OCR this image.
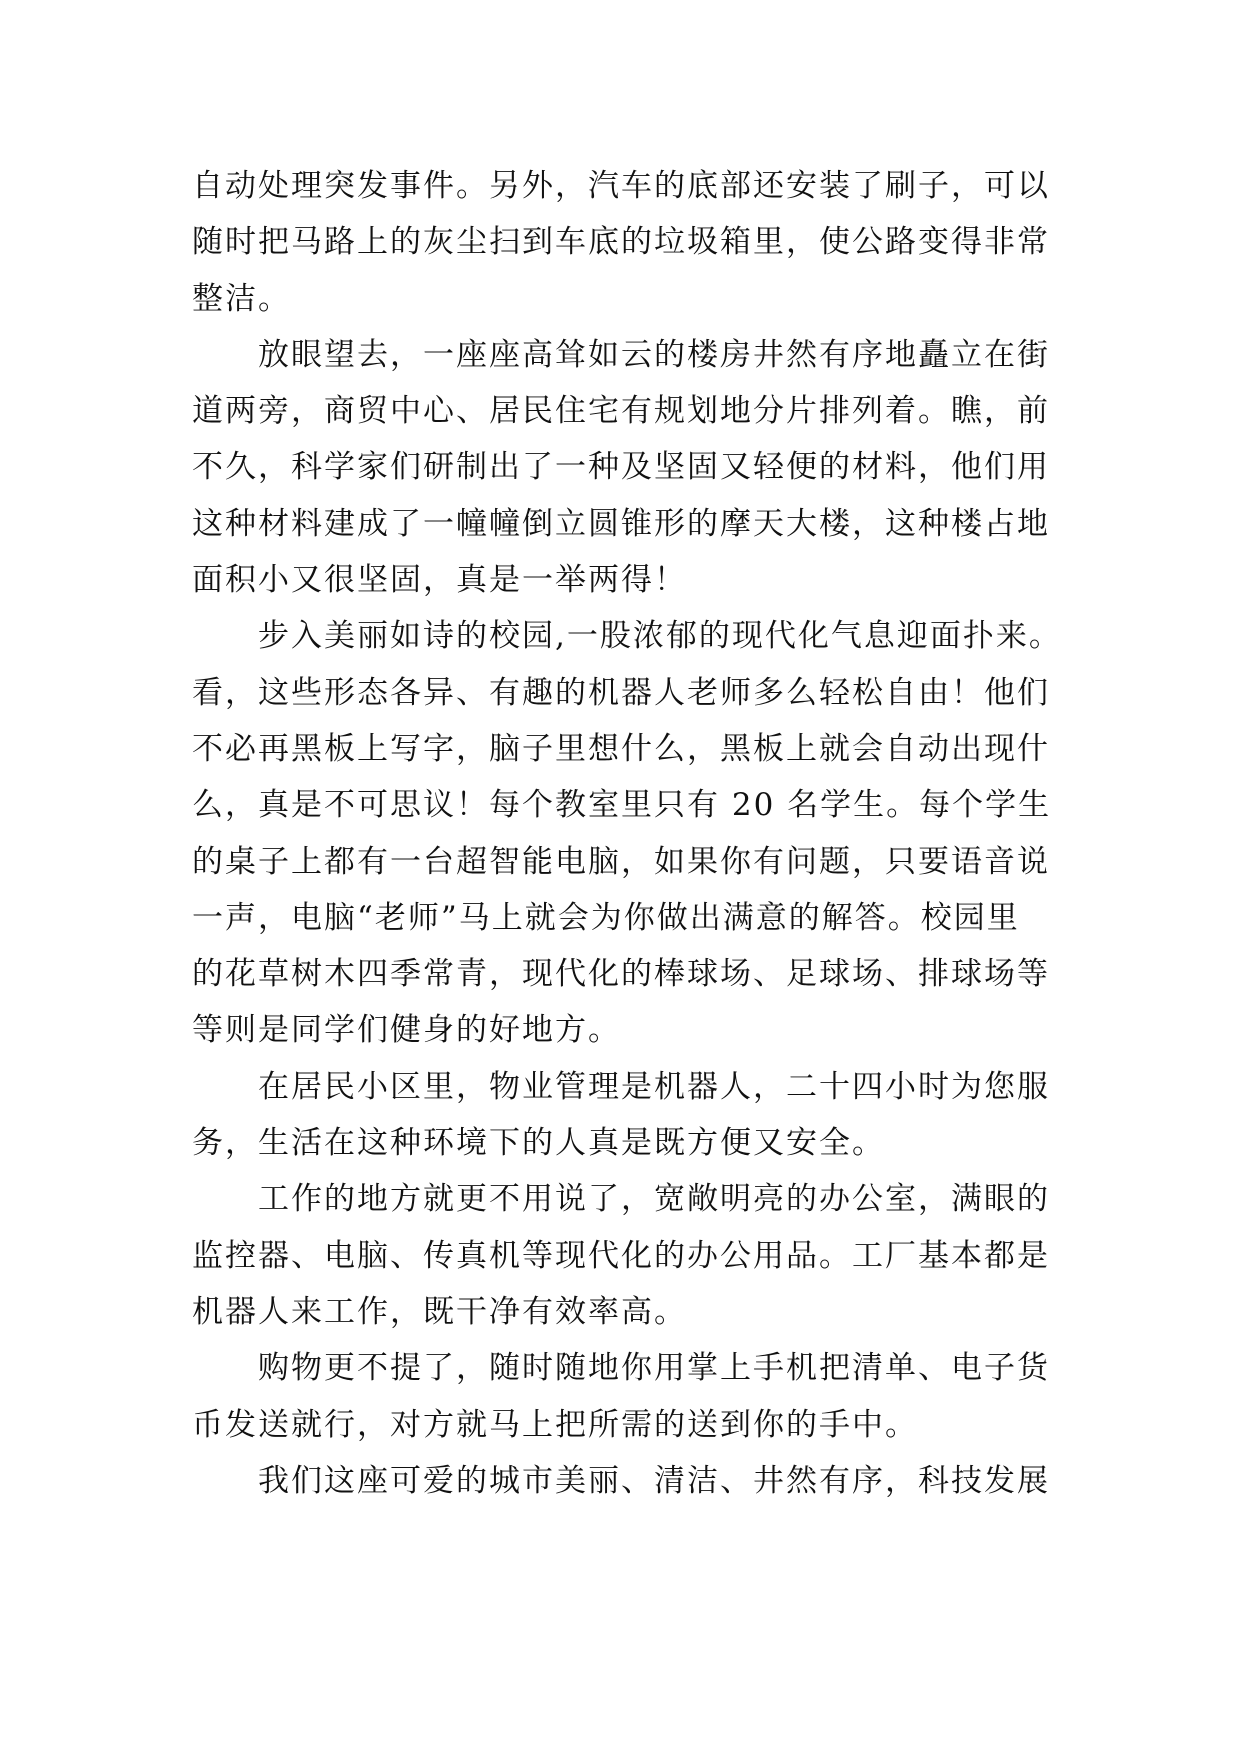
自动处理突发事件。另外，汽车的底部还安装了刷子，可以
随时把马路上的灰尘扫到车底的垃圾箱里，使公路变得非常
整洁。
　　放眼望去，一座座高耸如云的楼房井然有序地矗立在街
道两旁，商贸中心、居民住宅有规划地分片排列着。瞧，前
不久，科学家们研制出了一种及坚固又轻便的材料，他们用
这种材料建成了一幢幢倒立圆锥形的摩天大楼，这种楼占地
面积小又很坚固，真是一举两得！
　　步入美丽如诗的校园,一股浓郁的现代化气息迎面扑来。
看，这些形态各异、有趣的机器人老师多么轻松自由！他们
不必再黑板上写字，脑子里想什么，黑板上就会自动出现什
么，真是不可思议！每个教室里只有 20 名学生。每个学生
的桌子上都有一台超智能电脑，如果你有问题，只要语音说
一声，电脑“老师”马上就会为你做出满意的解答。校园里
的花草树木四季常青，现代化的棒球场、足球场、排球场等
等则是同学们健身的好地方。
　　在居民小区里，物业管理是机器人，二十四小时为您服
务，生活在这种环境下的人真是既方便又安全。
　　工作的地方就更不用说了，宽敞明亮的办公室，满眼的
监控器、电脑、传真机等现代化的办公用品。工厂基本都是
机器人来工作，既干净有效率高。
　　购物更不提了，随时随地你用掌上手机把清单、电子货
币发送就行，对方就马上把所需的送到你的手中。
　　我们这座可爱的城市美丽、清洁、井然有序，科技发展
